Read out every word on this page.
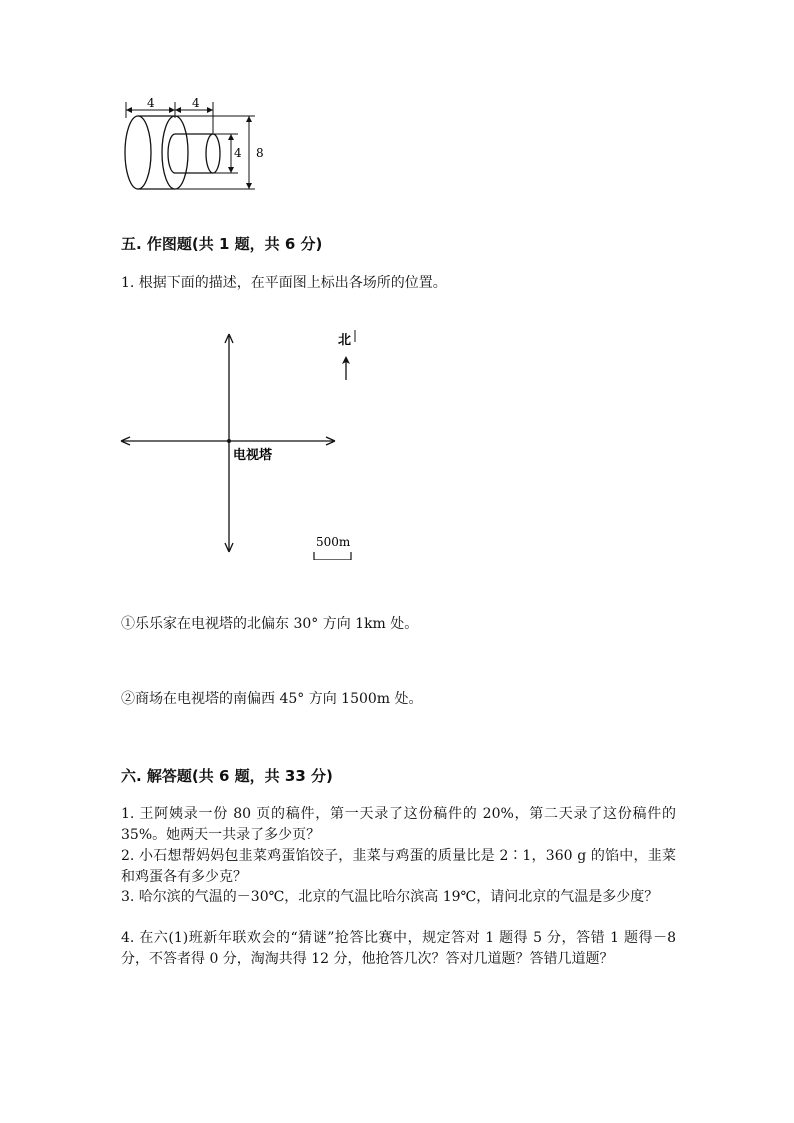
4	4
4 8
五. 作图题(共 1 题，共 6 分)
1. 根据下面的描述，在平面图上标出各场所的位置。
北
电视塔
500m
①乐乐家在电视塔的北偏东 30° 方向 1km 处。
②商场在电视塔的南偏西 45° 方向 1500m 处。
六. 解答题(共 6 题，共 33 分)
1. 王阿姨录一份 80 页的稿件，第一天录了这份稿件的 20%，第二天录了这份稿件的 35%。她两天一共录了多少页？
2. 小石想帮妈妈包韭菜鸡蛋馅饺子，韭菜与鸡蛋的质量比是 2∶1，360 g 的馅中，韭菜和鸡蛋各有多少克？
3. 哈尔滨的气温的－30℃，北京的气温比哈尔滨高 19℃，请问北京的气温是多少度？
4. 在六(1)班新年联欢会的“猜谜”抢答比赛中，规定答对 1 题得 5 分，答错 1 题得－8 分，不答者得 0 分，淘淘共得 12 分，他抢答几次？答对几道题？答错几道题？
